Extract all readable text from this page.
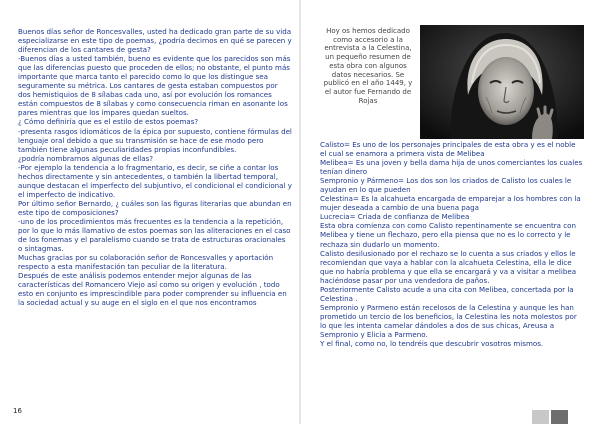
Buenos días señor de Roncesvalles, usted ha dedicado gran parte de su vida especializarse en este tipo de poemas, ¿podría decirnos en qué se parecen y diferencian de los cantares de gesta?

-Buenos días a usted también, bueno es evidente que los parecidos son más que las diferencias puesto que proceden de ellos; no obstante, el punto más importante que marca tanto el parecido como lo que los distingue sea seguramente su métrica. Los cantares de gesta estaban compuestos por dos hemistiquios de 8 sílabas cada uno, así por evolución los romances están compuestos de 8 sílabas y como consecuencia riman en asonante los pares mientras que los impares quedan sueltos.

¿ Cómo definiría que es el estilo de estos poemas?

-presenta rasgos idiomáticos de la épica por supuesto, contiene fórmulas del lenguaje oral debido a que su transmisión se hace de ese modo pero también tiene algunas peculiaridades propias inconfundibles.

¿podría nombrarnos algunas de ellas?

-Por ejemplo la tendencia a lo fragmentario, es decir, se ciñe a contar los hechos directamente y sin antecedentes, o también la libertad temporal, aunque destacan el imperfecto del subjuntivo, el condicional el condicional y el imperfecto de indicativo.

Por último señor Bernardo, ¿ cuáles son las figuras literarias que abundan en este tipo de composiciones?

-uno de los procedimientos más frecuentes es la tendencia a la repetición, por lo que lo más llamativo de estos poemas son las aliteraciones en el caso de los fonemas y el paralelismo cuando se trata de estructuras oracionales o sintagmas.

Muchas gracias por su colaboración señor de Roncesvalles y aportación respecto a esta manifestación tan peculiar de la literatura.

Después de este análisis podemos entender mejor algunas de las características del Romancero Viejo así como su origen y evolución , todo esto en conjunto es imprescindible para poder comprender su influencia en la sociedad actual y su auge en el siglo en el que nos encontramos

16
Hoy os hemos dedicado como accesorio a la entrevista a la Celestina, un pequeño resumen de esta obra con algunos datos necesarios. Se publicó en el año 1449, y el autor fue Fernando de Rojas

Calisto= Es uno de los personajes principales de esta obra y es el noble el cual se enamora a primera vista de Melibea

Melibea= Es una joven y bella dama hija de unos comerciantes los cuales tenían dinero

Sempronio y Pármeno= Los dos son los criados de Calisto los cuales le ayudan en lo que pueden

Celestina= Es la alcahueta encargada de emparejar a los hombres con la mujer deseada a cambio de una buena paga

Lucrecia= Criada de confianza de Melibea

Esta obra comienza con como Calisto repentinamente se encuentra con Melibea y tiene un flechazo, pero ella piensa que no es lo correcto y le rechaza sin dudarlo un momento.

Calisto desilusionado por el rechazo se lo cuenta a sus criados y ellos le recomiendan que vaya a hablar con la alcahueta Celestina, ella le dice que no habría problema y que ella se encargará y va a visitar a melibea haciéndose pasar por una vendedora de paños.

Posteriormente Calisto acude a una cita con Melibea, concertada por la Celestina .

Sempronio y Parmeno están recelosos de la Celestina y aunque les han prometido un tercio de los beneficios, la Celestina les nota molestos por lo que les intenta camelar dándoles a dos de sus chicas, Areusa a Sempronio y Elicia a Parmeno.

Y el final, como no, lo tendréis que descubrir vosotros mismos.
